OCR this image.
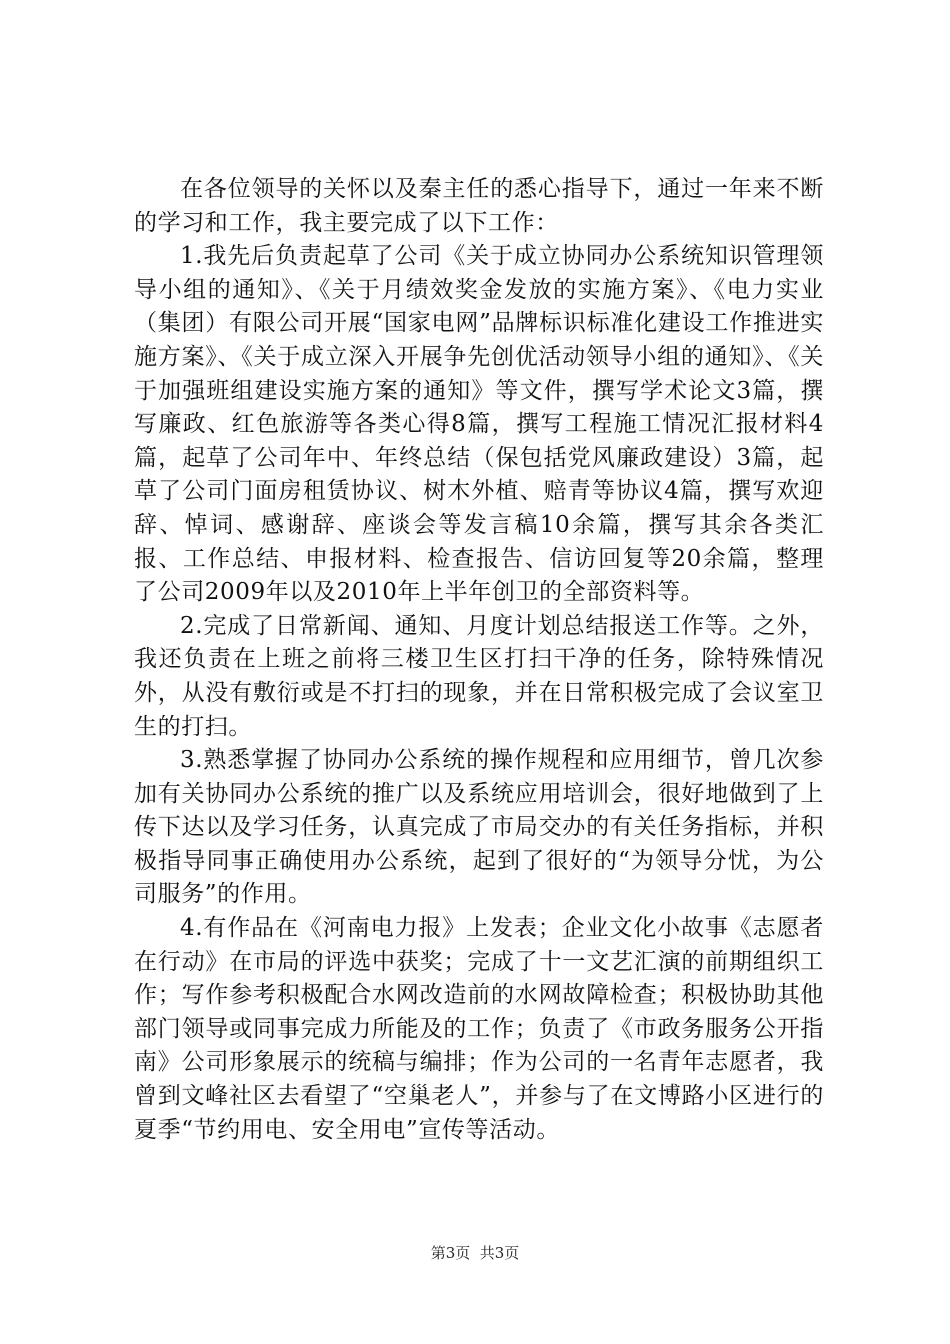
在各位领导的关怀以及秦主任的悉心指导下，通过一年来不断的学习和工作，我主要完成了以下工作：

1.我先后负责起草了公司《关于成立协同办公系统知识管理领导小组的通知》、《关于月绩效奖金发放的实施方案》、《电力实业（集团）有限公司开展“国家电网”品牌标识标准化建设工作推进实施方案》、《关于成立深入开展争先创优活动领导小组的通知》、《关于加强班组建设实施方案的通知》等文件，撰写学术论文3篇，撰写廉政、红色旅游等各类心得8篇，撰写工程施工情况汇报材料4篇，起草了公司年中、年终总结（保包括党风廉政建设）3篇，起草了公司门面房租赁协议、树木外植、赔青等协议4篇，撰写欢迎辞、悼词、感谢辞、座谈会等发言稿10余篇，撰写其余各类汇报、工作总结、申报材料、检查报告、信访回复等20余篇，整理了公司2009年以及2010年上半年创卫的全部资料等。

2.完成了日常新闻、通知、月度计划总结报送工作等。之外，我还负责在上班之前将三楼卫生区打扫干净的任务，除特殊情况外，从没有敷衍或是不打扫的现象，并在日常积极完成了会议室卫生的打扫。

3.熟悉掌握了协同办公系统的操作规程和应用细节，曾几次参加有关协同办公系统的推广以及系统应用培训会，很好地做到了上传下达以及学习任务，认真完成了市局交办的有关任务指标，并积极指导同事正确使用办公系统，起到了很好的“为领导分忧，为公司服务”的作用。

4.有作品在《河南电力报》上发表；企业文化小故事《志愿者在行动》在市局的评选中获奖；完成了十一文艺汇演的前期组织工作；写作参考积极配合水网改造前的水网故障检查；积极协助其他部门领导或同事完成力所能及的工作；负责了《市政务服务公开指南》公司形象展示的统稿与编排；作为公司的一名青年志愿者，我曾到文峰社区去看望了“空巢老人”，并参与了在文博路小区进行的夏季“节约用电、安全用电”宣传等活动。

第3页  共3页
